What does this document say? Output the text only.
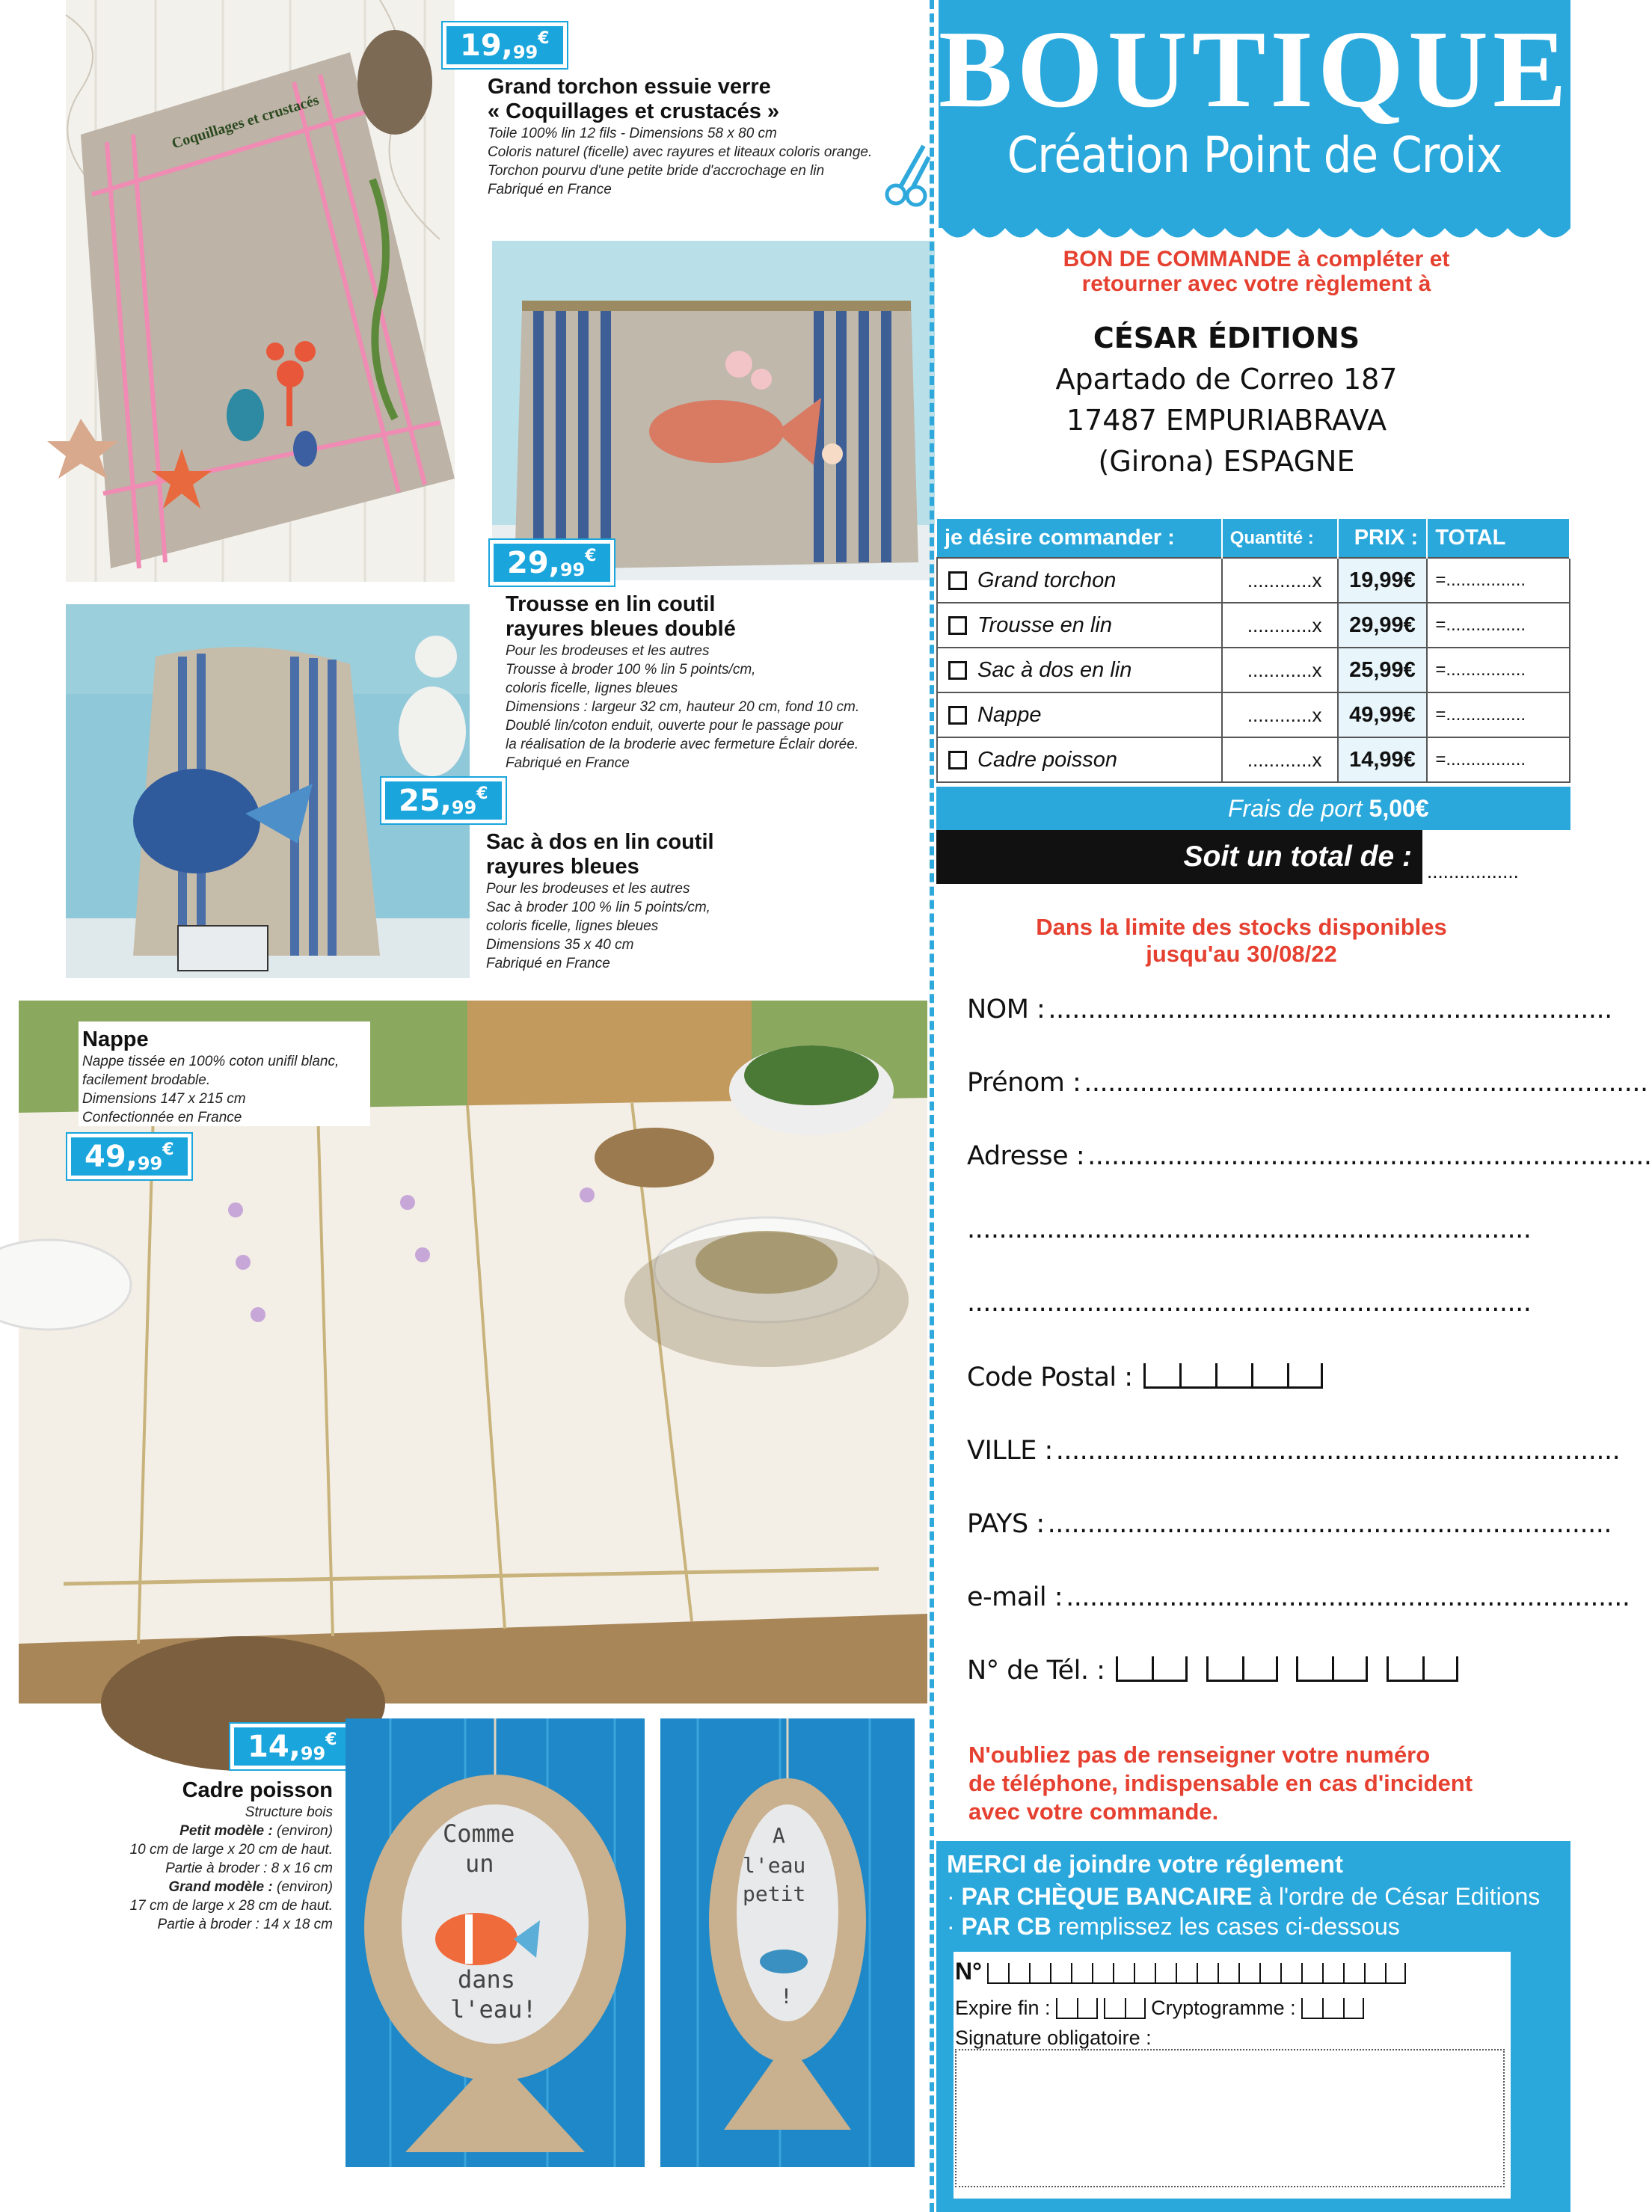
Coquillages et crustacés
19,99€
Grand torchon essuie verre
« Coquillages et crustacés »
Toile 100% lin 12 fils - Dimensions 58 x 80 cm
Coloris naturel (ficelle) avec rayures et liteaux coloris orange.
Torchon pourvu d'une petite bride d'accrochage en lin
Fabriqué en France
29,99€
Trousse en lin coutil
rayures bleues doublé
Pour les brodeuses et les autres
Trousse à broder 100 % lin 5 points/cm,
coloris ficelle, lignes bleues
Dimensions : largeur 32 cm, hauteur 20 cm, fond 10 cm.
Doublé lin/coton enduit, ouverte pour le passage pour
la réalisation de la broderie avec fermeture Éclair dorée.
Fabriqué en France
25,99€
Sac à dos en lin coutil
rayures bleues
Pour les brodeuses et les autres
Sac à broder 100 % lin 5 points/cm,
coloris ficelle, lignes bleues
Dimensions 35 x 40 cm
Fabriqué en France
Nappe
Nappe tissée en 100% coton unifil blanc,
facilement brodable.
Dimensions 147 x 215 cm
Confectionnée en France
49,99€
14,99€
Cadre poisson
Structure bois
Petit modèle : (environ)
10 cm de large x 20 cm de haut.
Partie à broder : 8 x 16 cm
Grand modèle : (environ)
17 cm de large x 28 cm de haut.
Partie à broder : 14 x 18 cm
Comme
un
dans
l'eau!
A
l'eau
petit
!
BOUTIQUE
Création Point de Croix
BON DE COMMANDE à compléter et
retourner avec votre règlement à
CÉSAR ÉDITIONS
Apartado de Correo 187
17487 EMPURIABRAVA
(Girona) ESPAGNE
je désire commander :	Quantité :	PRIX :	TOTAL
Grand torchon	............x	19,99€	=................
Trousse en lin	............x	29,99€	=................
Sac à dos en lin	............x	25,99€	=................
Nappe	............x	49,99€	=................
Cadre poisson	............x	14,99€	=................
Frais de port 5,00€
Soit un total de : .................
Dans la limite des stocks disponibles
jusqu'au 30/08/22
NOM : .......................................................................
Prénom : .......................................................................
Adresse : .......................................................................
.......................................................................
.......................................................................
Code Postal :
VILLE : .......................................................................
PAYS : .......................................................................
e-mail : .......................................................................
N° de Tél. :
N'oubliez pas de renseigner votre numéro
de téléphone, indispensable en cas d'incident
avec votre commande.
MERCI de joindre votre réglement
· PAR CHÈQUE BANCAIRE à l'ordre de César Editions
· PAR CB remplissez les cases ci-dessous
N°
Expire fin :	Cryptogramme :
Signature obligatoire :
